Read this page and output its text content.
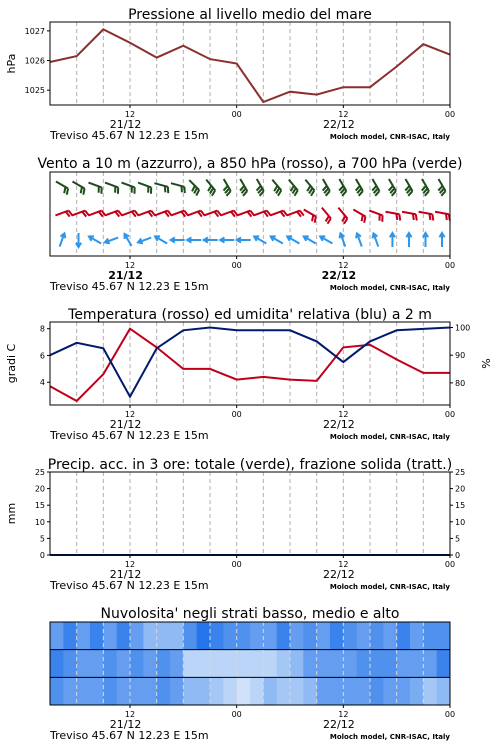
Pressione al livello medio del mare
1025
1026
1027
hPa
12	00	12	00
21/12	22/12
Treviso 45.67 N 12.23 E 15m	Moloch model, CNR-ISAC, Italy
Vento a 10 m (azzurro), a 850 hPa (rosso), a 700 hPa (verde)
12	00	12	00
21/12	22/12
Treviso 45.67 N 12.23 E 15m	Moloch model, CNR-ISAC, Italy
Temperatura (rosso) ed umidita' relativa (blu) a 2 m
4
6
8
80
90
100
gradi C	%
12	00	12	00
21/12	22/12
Treviso 45.67 N 12.23 E 15m	Moloch model, CNR-ISAC, Italy
Precip. acc. in 3 ore: totale (verde), frazione solida (tratt.)
0
5
10
15
20
25
0
5
10
15
20
25
mm
12	00	12	00
21/12	22/12
Treviso 45.67 N 12.23 E 15m	Moloch model, CNR-ISAC, Italy
Nuvolosita' negli strati basso, medio e alto
12	00	12	00
21/12	22/12
Treviso 45.67 N 12.23 E 15m	Moloch model, CNR-ISAC, Italy
